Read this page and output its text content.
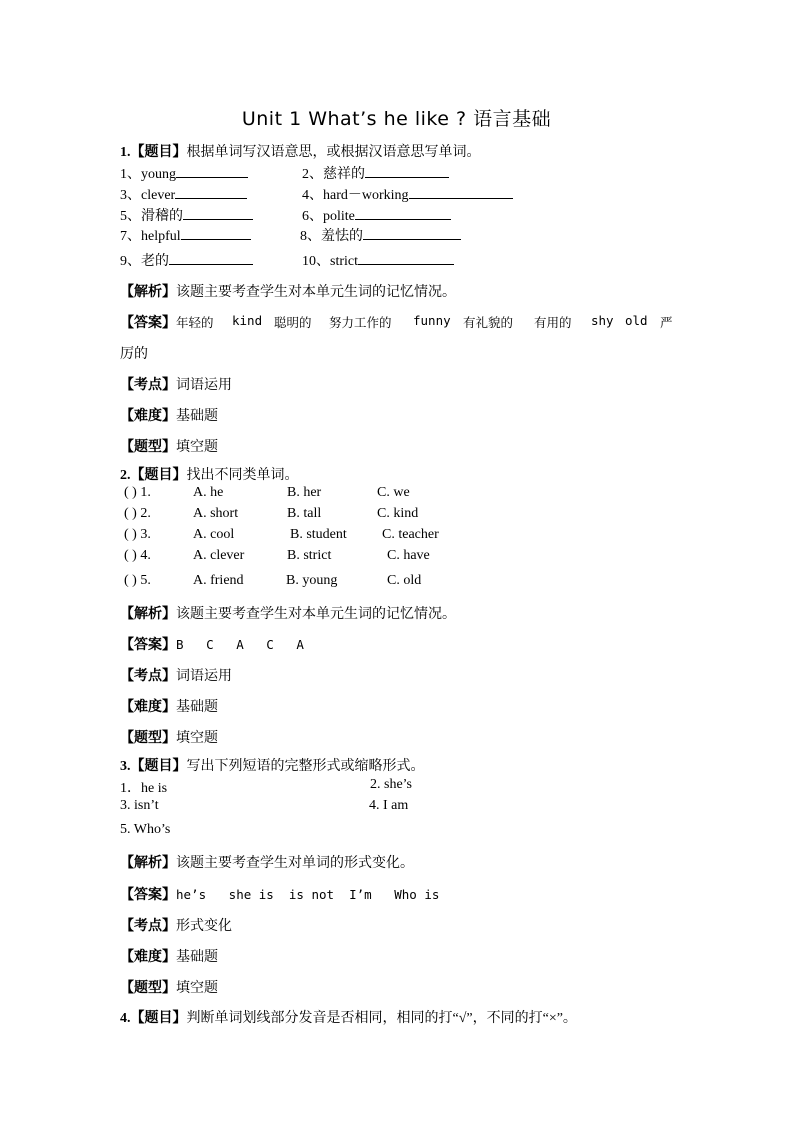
Unit 1 What’s he like ? 语言基础
1.【题目】根据单词写汉语意思，或根据汉语意思写单词。
1、young	2、慈祥的
3、clever	4、hard－working
5、滑稽的	6、polite
7、helpful	8、羞怯的
9、老的	10、strict
【解析】该题主要考查学生对本单元生词的记忆情况。
【答案】 年轻的 kind 聪明的 努力工作的 funny 有礼貌的 有用的 shy old 严
厉的
【考点】词语运用
【难度】基础题
【题型】填空题
2.【题目】找出不同类单词。
( ) 1.	A. he	B. her	C. we
( ) 2.	A. short	B. tall	C. kind
( ) 3.	A. cool	B. student	C. teacher
( ) 4.	A. clever	B. strict	C. have
( ) 5.	A. friend	B. young	C. old
【解析】该题主要考查学生对本单元生词的记忆情况。
【答案】B   C   A   C   A
【考点】词语运用
【难度】基础题
【题型】填空题
3.【题目】写出下列短语的完整形式或缩略形式。
1．he is	2. she’s
3. isn’t	4. I am
5. Who’s
【解析】该题主要考查学生对单词的形式变化。
【答案】he’s   she is  is not  I’m   Who is
【考点】形式变化
【难度】基础题
【题型】填空题
4.【题目】判断单词划线部分发音是否相同，相同的打“√”，不同的打“×”。
